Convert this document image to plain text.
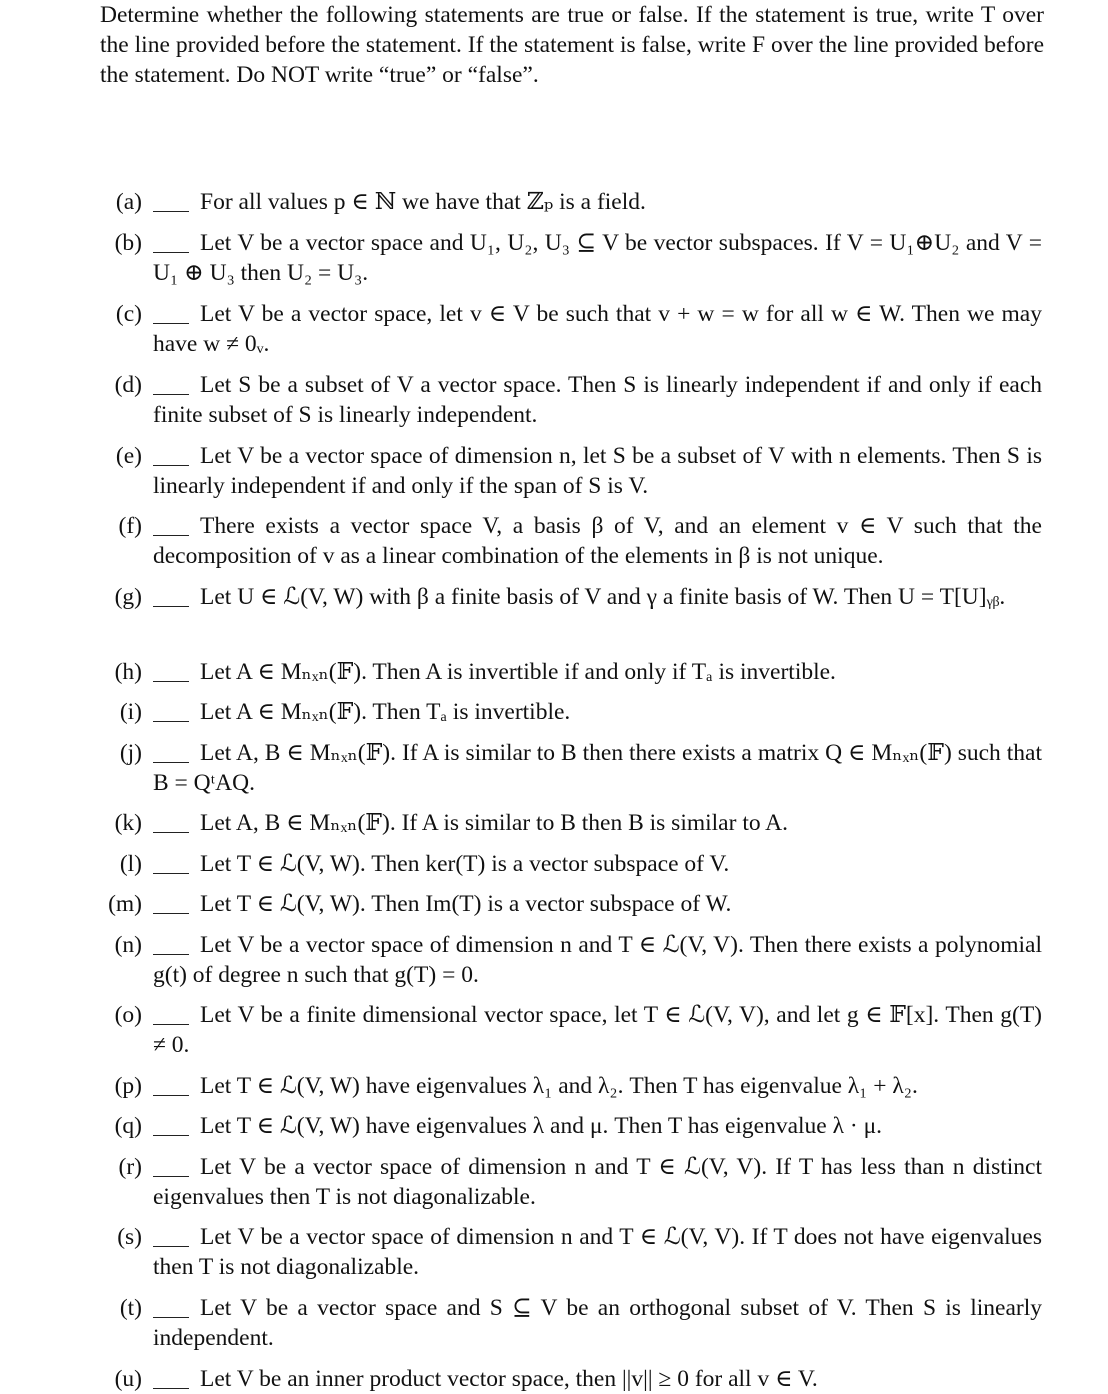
Determine whether the following statements are true or false. If the statement is true, write T over the line provided before the statement. If the statement is false, write F over the line provided before the statement. Do NOT write “true” or “false”.

(a)	For all values p ∈ ℕ we have that ℤₚ is a field.
(b)	Let V be a vector space and U₁, U₂, U₃ ⊆ V be vector subspaces. If V = U₁⊕U₂ and V = U₁ ⊕ U₃ then U₂ = U₃.
(c)	Let V be a vector space, let v ∈ V be such that v + w = w for all w ∈ W. Then we may have w ≠ 0ᵥ.
(d)	Let S be a subset of V a vector space. Then S is linearly independent if and only if each finite subset of S is linearly independent.
(e)	Let V be a vector space of dimension n, let S be a subset of V with n elements. Then S is linearly independent if and only if the span of S is V.
(f)	There exists a vector space V, a basis β of V, and an element v ∈ V such that the decomposition of v as a linear combination of the elements in β is not unique.
(g)	Let U ∈ ℒ(V, W) with β a finite basis of V and γ a finite basis of W. Then U = T[U]ᵧᵦ.
(h)	Let A ∈ Mₙₓₙ(𝔽). Then A is invertible if and only if Tₐ is invertible.
(i)	Let A ∈ Mₙₓₙ(𝔽). Then Tₐ is invertible.
(j)	Let A, B ∈ Mₙₓₙ(𝔽). If A is similar to B then there exists a matrix Q ∈ Mₙₓₙ(𝔽) such that B = QᵗAQ.
(k)	Let A, B ∈ Mₙₓₙ(𝔽). If A is similar to B then B is similar to A.
(l)	Let T ∈ ℒ(V, W). Then ker(T) is a vector subspace of V.
(m)	Let T ∈ ℒ(V, W). Then Im(T) is a vector subspace of W.
(n)	Let V be a vector space of dimension n and T ∈ ℒ(V, V). Then there exists a polynomial g(t) of degree n such that g(T) = 0.
(o)	Let V be a finite dimensional vector space, let T ∈ ℒ(V, V), and let g ∈ 𝔽[x]. Then g(T) ≠ 0.
(p)	Let T ∈ ℒ(V, W) have eigenvalues λ₁ and λ₂. Then T has eigenvalue λ₁ + λ₂.
(q)	Let T ∈ ℒ(V, W) have eigenvalues λ and μ. Then T has eigenvalue λ · μ.
(r)	Let V be a vector space of dimension n and T ∈ ℒ(V, V). If T has less than n distinct eigenvalues then T is not diagonalizable.
(s)	Let V be a vector space of dimension n and T ∈ ℒ(V, V). If T does not have eigenvalues then T is not diagonalizable.
(t)	Let V be a vector space and S ⊆ V be an orthogonal subset of V. Then S is linearly independent.
(u)	Let V be an inner product vector space, then ||v|| ≥ 0 for all v ∈ V.
